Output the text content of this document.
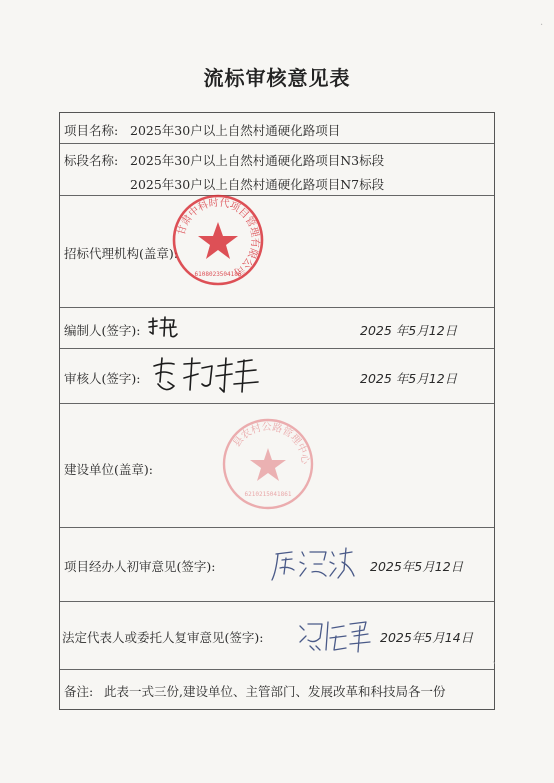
流标审核意见表
项目名称: 2025年30户以上自然村通硬化路项目
标段名称: 2025年30户以上自然村通硬化路项目N3标段
2025年30户以上自然村通硬化路项目N7标段
招标代理机构(盖章):
甘肃中科时代项目管理有限公司
6108023504186
编制人(签字):	2025 年5月12日
审核人(签字):	2025 年5月12日
建设单位(盖章):
县农村公路管理中心
6210215041861
项目经办人初审意见(签字):	2025年5月12日
法定代表人或委托人复审意见(签字):	2025年5月14日
备注: 此表一式三份,建设单位、主管部门、发展改革和科技局各一份
·
ˋ
